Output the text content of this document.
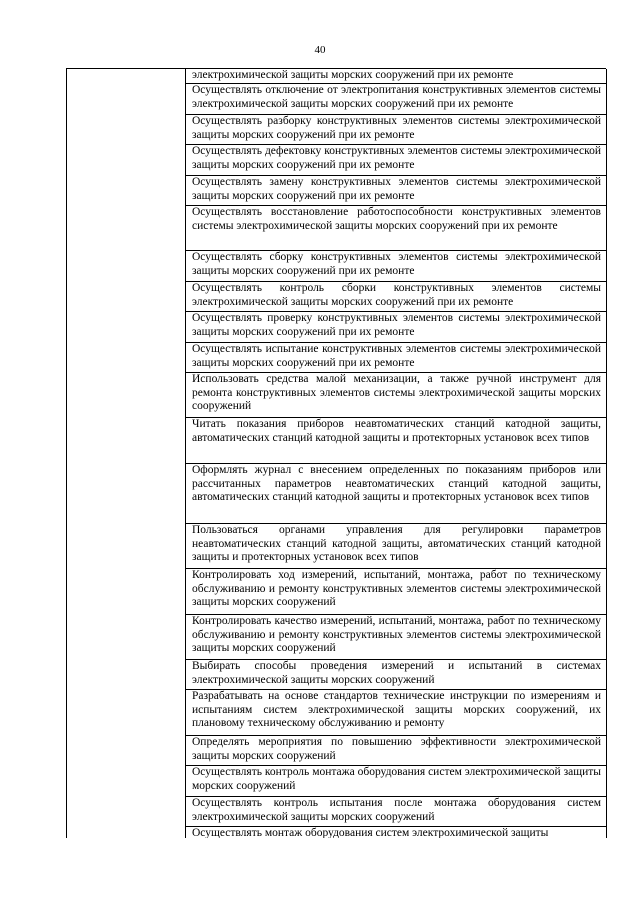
40
электрохимической защиты морских сооружений при их ремонте
Осуществлять отключение от электропитания конструктивных элементов системы электрохимической защиты морских сооружений при их ремонте
Осуществлять разборку конструктивных элементов системы электрохимической защиты морских сооружений при их ремонте
Осуществлять дефектовку конструктивных элементов системы электрохимической защиты морских сооружений при их ремонте
Осуществлять замену конструктивных элементов системы электрохимической защиты морских сооружений при их ремонте
Осуществлять восстановление работоспособности конструктивных элементов системы электрохимической защиты морских сооружений при их ремонте
Осуществлять сборку конструктивных элементов системы электрохимической защиты морских сооружений при их ремонте
Осуществлять контроль сборки конструктивных элементов системы электрохимической защиты морских сооружений при их ремонте
Осуществлять проверку конструктивных элементов системы электрохимической защиты морских сооружений при их ремонте
Осуществлять испытание конструктивных элементов системы электрохимической защиты морских сооружений при их ремонте
Использовать средства малой механизации, а также ручной инструмент для ремонта конструктивных элементов системы электрохимической защиты морских сооружений
Читать показания приборов неавтоматических станций катодной защиты, автоматических станций катодной защиты и протекторных установок всех типов
Оформлять журнал с внесением определенных по показаниям приборов или рассчитанных параметров неавтоматических станций катодной защиты, автоматических станций катодной защиты и протекторных установок всех типов
Пользоваться органами управления для регулировки параметров неавтоматических станций катодной защиты, автоматических станций катодной защиты и протекторных установок всех типов
Контролировать ход измерений, испытаний, монтажа, работ по техническому обслуживанию и ремонту конструктивных элементов системы электрохимической защиты морских сооружений
Контролировать качество измерений, испытаний, монтажа, работ по техническому обслуживанию и ремонту конструктивных элементов системы электрохимической защиты морских сооружений
Выбирать способы проведения измерений и испытаний в системах электрохимической защиты морских сооружений
Разрабатывать на основе стандартов технические инструкции по измерениям и испытаниям систем электрохимической защиты морских сооружений, их плановому техническому обслуживанию и ремонту
Определять мероприятия по повышению эффективности электрохимической защиты морских сооружений
Осуществлять контроль монтажа оборудования систем электрохимической защиты морских сооружений
Осуществлять контроль испытания после монтажа оборудования систем электрохимической защиты морских сооружений
Осуществлять монтаж оборудования систем электрохимической защиты
